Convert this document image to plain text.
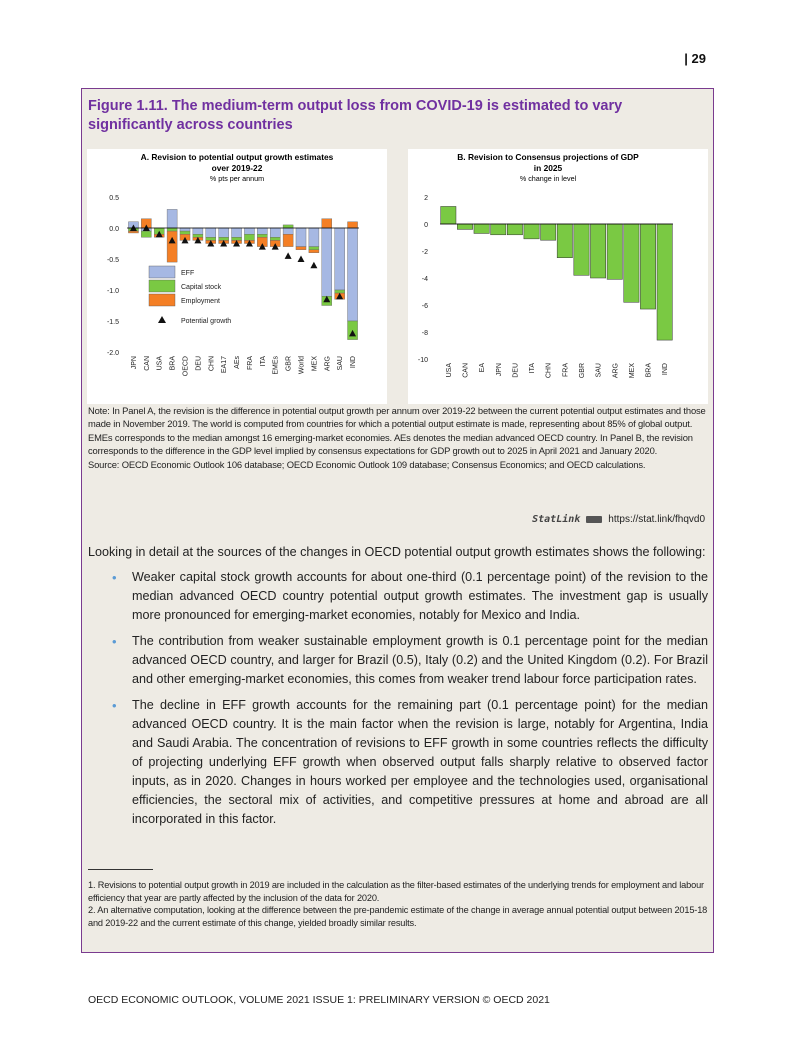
| 29
Figure 1.11. The medium-term output loss from COVID-19 is estimated to vary significantly across countries
A. Revision to potential output growth estimates
over 2019-22
% pts per annum
0.5
0.0
-0.5
-1.0
-1.5
-2.0
JPN CAN USA BRA OECD DEU CHN EA17 AEs FRA ITA EMEs GBR World MEX ARG SAU IND
EFF
Capital stock
Employment
Potential growth
B. Revision to Consensus projections of GDP
in 2025
% change in level
2
0
-2
-4
-6
-8
-10
USA CAN EA JPN DEU ITA CHN FRA GBR SAU ARG MEX BRA IND

Note: In Panel A, the revision is the difference in potential output growth per annum over 2019-22 between the current potential output estimates and those made in November 2019. The world is computed from countries for which a potential output estimate is made, representing about 85% of global output. EMEs corresponds to the median amongst 16 emerging-market economies. AEs denotes the median advanced OECD country. In Panel B, the revision corresponds to the difference in the GDP level implied by consensus expectations for GDP growth out to 2025 in April 2021 and January 2020.

Source: OECD Economic Outlook 106 database; OECD Economic Outlook 109 database; Consensus Economics; and OECD calculations.

StatLink	https://stat.link/fhqvd0

Looking in detail at the sources of the changes in OECD potential output growth estimates shows the following:

• Weaker capital stock growth accounts for about one-third (0.1 percentage point) of the revision to the median advanced OECD country potential output growth estimates. The investment gap is usually more pronounced for emerging-market economies, notably for Mexico and India.
• The contribution from weaker sustainable employment growth is 0.1 percentage point for the median advanced OECD country, and larger for Brazil (0.5), Italy (0.2) and the United Kingdom (0.2). For Brazil and other emerging-market economies, this comes from weaker trend labour force participation rates.
• The decline in EFF growth accounts for the remaining part (0.1 percentage point) for the median advanced OECD country. It is the main factor when the revision is large, notably for Argentina, India and Saudi Arabia. The concentration of revisions to EFF growth in some countries reflects the difficulty of projecting underlying EFF growth when observed output falls sharply relative to observed factor inputs, as in 2020. Changes in hours worked per employee and the technologies used, organisational efficiencies, the sectoral mix of activities, and competitive pressures at home and abroad are all incorporated in this factor.

1. Revisions to potential output growth in 2019 are included in the calculation as the filter-based estimates of the underlying trends for employment and labour efficiency that year are partly affected by the inclusion of the data for 2020.

2. An alternative computation, looking at the difference between the pre-pandemic estimate of the change in average annual potential output between 2015-18 and 2019-22 and the current estimate of this change, yielded broadly similar results.

OECD ECONOMIC OUTLOOK, VOLUME 2021 ISSUE 1: PRELIMINARY VERSION © OECD 2021
